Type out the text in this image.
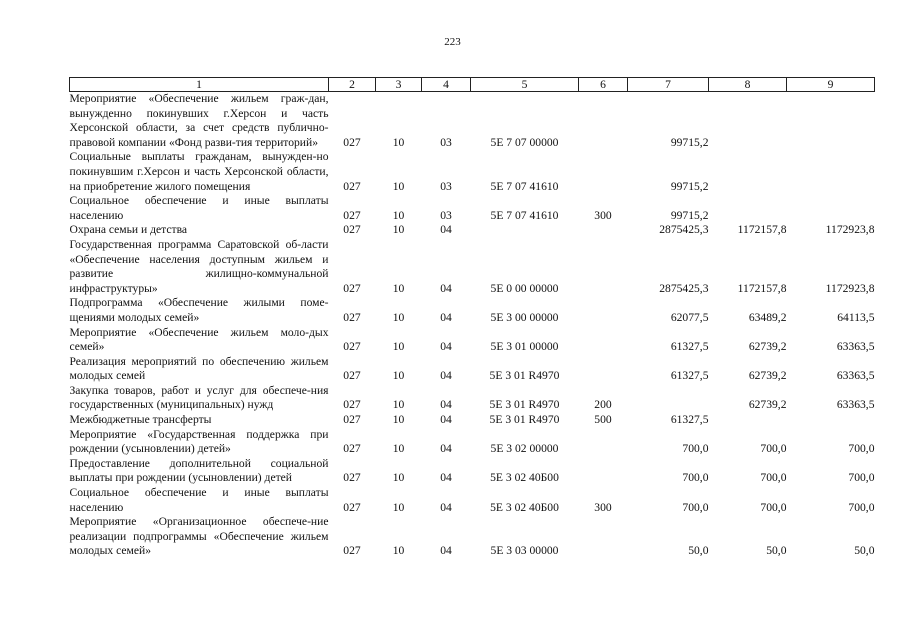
223
1	2	3	4	5	6	7	8	9
Мероприятие «Обеспечение жильем граж-дан, вынужденно покинувших г.Херсон и часть Херсонской области, за счет средств публично-правовой компании «Фонд разви-тия территорий»	027	10	03	5Е 7 07 00000		99715,2		
Социальные выплаты гражданам, вынужден-но покинувшим г.Херсон и часть Херсонской области, на приобретение жилого помещения	027	10	03	5Е 7 07 41610		99715,2		
Социальное обеспечение и иные выплаты населению	027	10	03	5Е 7 07 41610	300	99715,2		
Охрана семьи и детства	027	10	04			2875425,3	1172157,8	1172923,8
Государственная программа Саратовской об-ласти «Обеспечение населения доступным жильем и развитие жилищно-коммунальной инфраструктуры»	027	10	04	5Е 0 00 00000		2875425,3	1172157,8	1172923,8
Подпрограмма «Обеспечение жилыми поме-щениями молодых семей»	027	10	04	5Е 3 00 00000		62077,5	63489,2	64113,5
Мероприятие «Обеспечение жильем моло-дых семей»	027	10	04	5Е 3 01 00000		61327,5	62739,2	63363,5
Реализация мероприятий по обеспечению жильем молодых семей	027	10	04	5Е 3 01 R4970		61327,5	62739,2	63363,5
Закупка товаров, работ и услуг для обеспече-ния государственных (муниципальных) нужд	027	10	04	5Е 3 01 R4970	200		62739,2	63363,5
Межбюджетные трансферты	027	10	04	5Е 3 01 R4970	500	61327,5		
Мероприятие «Государственная поддержка при рождении (усыновлении) детей»	027	10	04	5Е 3 02 00000		700,0	700,0	700,0
Предоставление дополнительной социальной выплаты при рождении (усыновлении) детей	027	10	04	5Е 3 02 40Б00		700,0	700,0	700,0
Социальное обеспечение и иные выплаты населению	027	10	04	5Е 3 02 40Б00	300	700,0	700,0	700,0
Мероприятие «Организационное обеспече-ние реализации подпрограммы «Обеспечение жильем молодых семей»	027	10	04	5Е 3 03 00000		50,0	50,0	50,0
